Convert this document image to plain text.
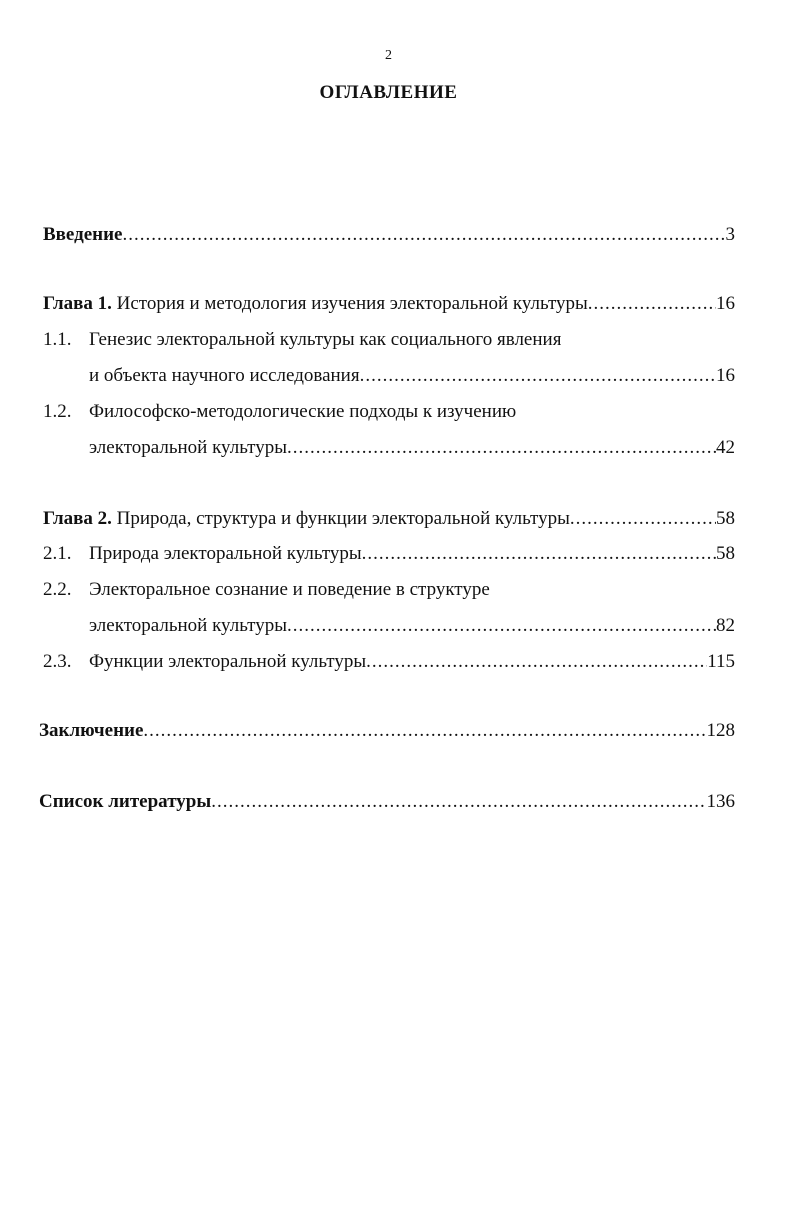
2
ОГЛАВЛЕНИЕ
Введение .....	3
Глава 1. История и методология изучения электоральной культуры .....	16
1.1. Генезис электоральной культуры как социального явления
и объекта научного исследования .....	16
1.2. Философско-методологические подходы к изучению
электоральной культуры .....	42
Глава 2. Природа, структура и функции электоральной культуры .....	58
2.1. Природа электоральной культуры .....	58
2.2. Электоральное сознание и поведение в структуре
электоральной культуры .....	82
2.3. Функции электоральной культуры .....	115
Заключение .....	128
Список литературы .....	136
